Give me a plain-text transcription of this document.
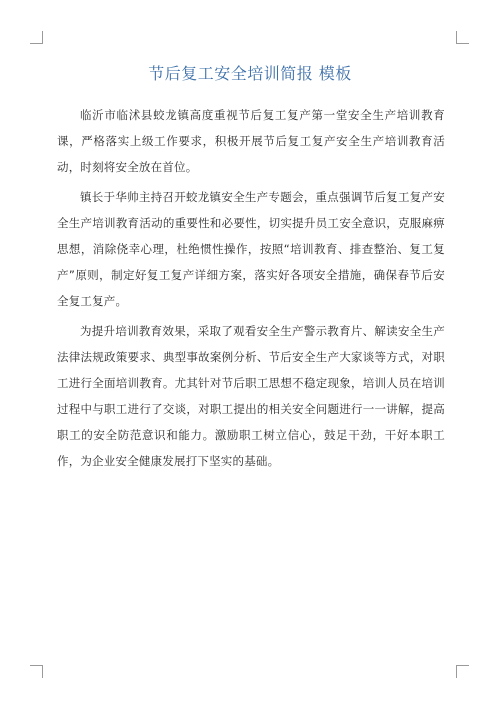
节后复工安全培训简报 模板

临沂市临沭县蛟龙镇高度重视节后复工复产第一堂安全生产培训教育课，严格落实上级工作要求，积极开展节后复工复产安全生产培训教育活动，时刻将安全放在首位。

镇长于华帅主持召开蛟龙镇安全生产专题会，重点强调节后复工复产安全生产培训教育活动的重要性和必要性，切实提升员工安全意识，克服麻痹思想，消除侥幸心理，杜绝惯性操作，按照“培训教育、排查整治、复工复产”原则，制定好复工复产详细方案，落实好各项安全措施，确保春节后安全复工复产。

为提升培训教育效果，采取了观看安全生产警示教育片、解读安全生产法律法规政策要求、典型事故案例分析、节后安全生产大家谈等方式，对职工进行全面培训教育。尤其针对节后职工思想不稳定现象，培训人员在培训过程中与职工进行了交谈，对职工提出的相关安全问题进行一一讲解，提高职工的安全防范意识和能力。激励职工树立信心，鼓足干劲，干好本职工作，为企业安全健康发展打下坚实的基础。
